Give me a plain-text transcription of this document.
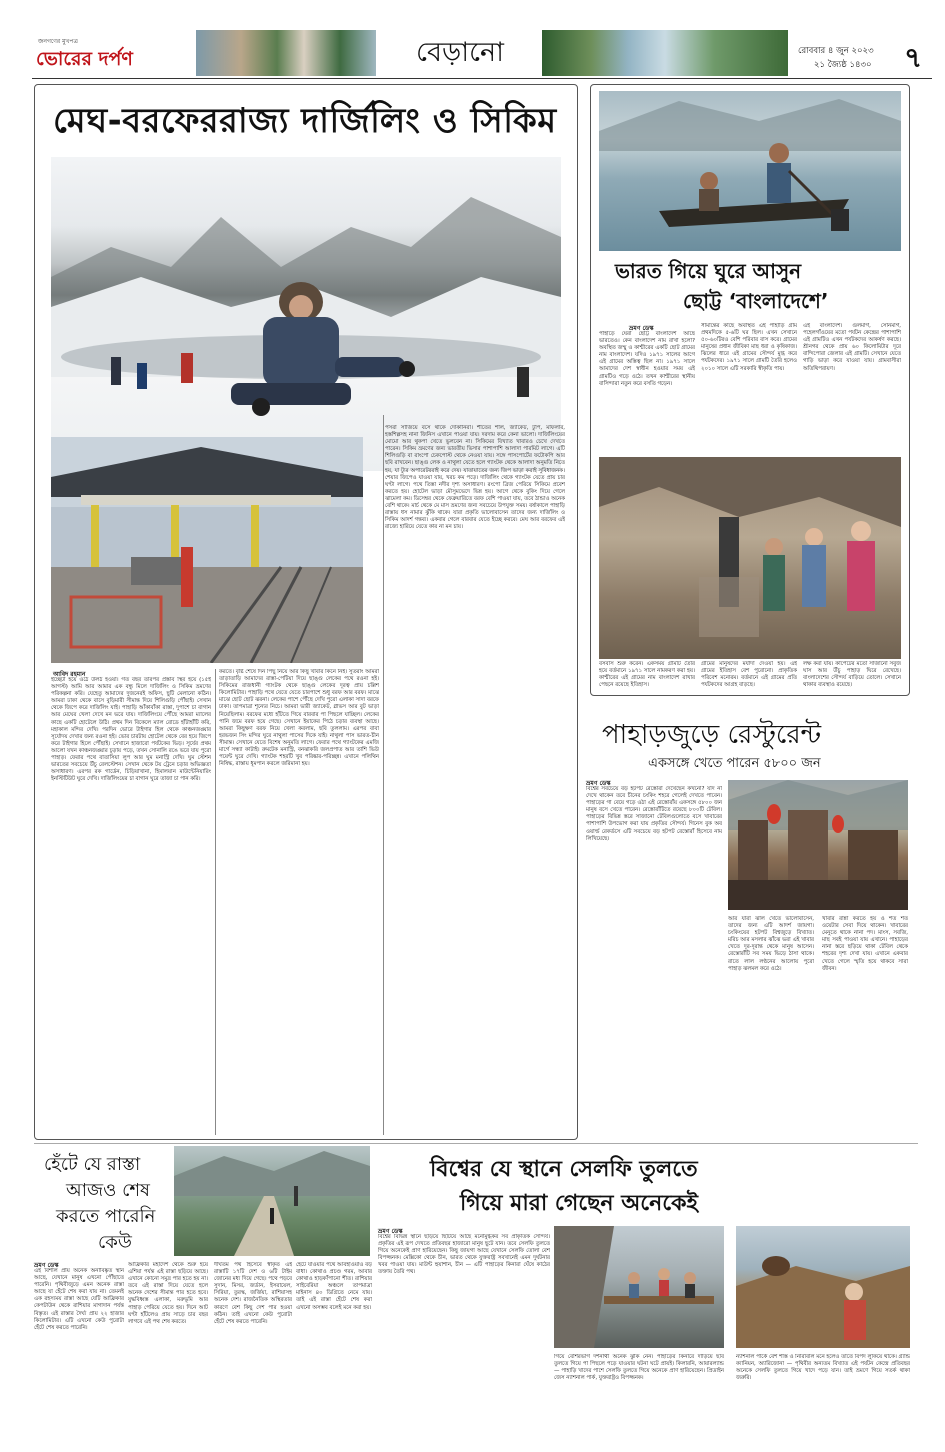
জনগণের মুখপত্র
ভোরের দর্পণ	বেড়ানো	রোববার ৪ জুন ২০২৩
২১ জ্যৈষ্ঠ ১৪৩০ ৭
মেঘ-বরফেররাজ্য দার্জিলিং ও সিকিম
আবিদ রহমান
ইচ্ছেটা হয়ে ওঠে উলঠ হওয়া। গত বছর তারপর প্রস্তাব স্থির হয়ে (১৫ই আগস্ট) আমি আর আমার এক বন্ধু মিলে দার্জিলিং ও সিকিম ভ্রমণের পরিকল্পনা করি। যেহেতু আমাদের দুজনেরই অফিস, ছুটি মেলানো কঠিন। আমরা ঢাকা থেকে বাসে বুড়িমারী সীমান্ত দিয়ে শিলিগুড়ি পৌঁছাই। সেখান থেকে জিপে করে দার্জিলিং যাই। পাহাড়ি আঁকাবাঁকা রাস্তা, দুপাশে চা বাগান আর মেঘের খেলা দেখে মন ভরে যায়। দার্জিলিংয়ে পৌঁছে আমরা ম্যালের কাছে একটি হোটেলে উঠি। প্রথম দিন বিকেলে ম্যাল রোডে হাঁটাহাঁটি করি, মহাকাল মন্দির দেখি। পরদিন ভোরে টাইগার হিল থেকে কাঞ্চনজঙ্ঘার সূর্যোদয় দেখার জন্য রওনা হই। ভোর চারটায় হোটেল থেকে বের হয়ে জিপে করে টাইগার হিলে পৌঁছাই। সেখানে হাজারো পর্যটকের ভিড়। সূর্যের প্রথম আলো যখন কাঞ্চনজঙ্ঘার চূড়ায় পড়ে, তখন সোনালি রঙে ভরে যায় পুরো পাহাড়। ফেরার পথে বাতাসিয়া লুপ আর ঘুম মনাস্ট্রি দেখি। ঘুম স্টেশন ভারতের সবচেয়ে উঁচু রেলস্টেশন। সেখান থেকে টয় ট্রেনে চড়ার অভিজ্ঞতা অসাধারণ। এরপর রক গার্ডেন, চিড়িয়াখানা, হিমালয়ান মাউন্টেনিয়ারিং ইনস্টিটিউট ঘুরে দেখি। দার্জিলিংয়ের চা বাগান ঘুরে তাজা চা পান করি।
করতে। বৃষ্টি শেষে দিন পিছু নিয়ে আর কিছু খাবার কিনে নিই। সুতরাং আমরা তাড়াতাড়ি আমাদের রাস্তা-পেটিয়া দিয়ে ছাঙ্গু লেকের পথে রওনা হই। সিকিমের রাজধানী গ্যাংটক থেকে ছাঙ্গু লেকের দূরত্ব প্রায় চল্লিশ কিলোমিটার। পাহাড়ি পথে যেতে যেতে চারপাশে শুধু বরফ আর বরফ। মাঝে মাঝে ছোট ছোট ঝরনা। লেকের পাশে পৌঁছে দেখি পুরো এলাকা সাদা বরফে ঢাকা। তাপমাত্রা শূন্যের নিচে। আমরা ভারী জ্যাকেট, গ্লাভস আর বুট ভাড়া নিয়েছিলাম। বরফের মধ্যে হাঁটতে গিয়ে বারবার পা পিছলে যাচ্ছিল। লেকের পানি জমে বরফ হয়ে গেছে। সেখানে ইয়াকের পিঠে চড়ার ব্যবস্থা আছে। আমরা কিছুক্ষণ বরফ নিয়ে খেলা করলাম, ছবি তুললাম। এরপর বাবা হরভজন সিং মন্দির ঘুরে নাথুলা পাসের দিকে যাই। নাথুলা পাস ভারত-চীন সীমান্ত। সেখানে যেতে বিশেষ অনুমতি লাগে। ফেরার পথে গ্যাংটকের এমজি মার্গে সন্ধ্যা কাটাই। রুমটেক মনাস্ট্রি, বনঝাকরি জলপ্রপাত আর তাশি ভিউ পয়েন্ট ঘুরে দেখি। গ্যাংটক শহরটি খুব পরিষ্কার-পরিচ্ছন্ন। এখানে পলিথিন নিষিদ্ধ, রাস্তায় ধূমপান করলে জরিমানা হয়।
পসরা সাজিয়ে বসে থাকে দোকানিরা। শীতের শাল, জ্যাকেট, টুপি, মাফলার, হস্তশিল্পসহ নানা জিনিস এখানে পাওয়া যায়। দরদাম করে কেনা ভালো। দার্জিলিংয়ের মোমো আর থুকপা খেতে ভুলবেন না। সিকিমের বিখ্যাত খাবারও চেখে দেখতে পারেন। সিকিম ভ্রমণের জন্য ভারতীয় ভিসার পাশাপাশি আলাদা পারমিট লাগে। এটি শিলিগুড়ি বা রাংপো চেকপোস্ট থেকে নেওয়া যায়। সঙ্গে পাসপোর্টের ফটোকপি আর ছবি রাখবেন। ছাঙ্গু লেক ও নাথুলা যেতে হলে গ্যাংটক থেকে আলাদা অনুমতি নিতে হয়, যা ট্যুর অপারেটররাই করে দেয়। যাতায়াতের জন্য জিপ ভাড়া করাই সুবিধাজনক। শেয়ার জিপেও যাওয়া যায়, খরচ কম পড়ে। দার্জিলিং থেকে গ্যাংটক যেতে প্রায় চার ঘণ্টা লাগে। পথে তিস্তা নদীর দৃশ্য অসাধারণ। রংপো ব্রিজ পেরিয়ে সিকিমে প্রবেশ করতে হয়। হোটেল ভাড়া মৌসুমভেদে ভিন্ন হয়। আগে থেকে বুকিং দিয়ে গেলে ঝামেলা কম। ডিসেম্বর থেকে ফেব্রুয়ারিতে বরফ বেশি পাওয়া যায়, তবে ঠান্ডাও অনেক বেশি থাকে। মার্চ থেকে মে মাস ভ্রমণের জন্য সবচেয়ে উপযুক্ত সময়। বর্ষাকালে পাহাড়ি রাস্তায় ধস নামার ঝুঁকি থাকে। যারা প্রকৃতি ভালোবাসেন তাদের জন্য দার্জিলিং ও সিকিম আদর্শ গন্তব্য। একবার গেলে বারবার যেতে ইচ্ছে করবে। মেঘ আর বরফের এই রাজ্যে হারিয়ে যেতে কার না মন চায়।
ভারত গিয়ে ঘুরে আসুন
ছোট্ট ‘বাংলাদেশে’
ভ্রমণ ডেস্ক
পাহাড়ে ঘেরা ছোট্ট বাংলাদেশ আছে ভারতেও। কেন বাংলাদেশ নাম রাখা হলো? অবস্থিত জম্মু ও কাশ্মীরের একটি ছোট গ্রামের নাম বাংলাদেশ। যদিও ১৯৭১ সালের আগে এই গ্রামের অস্তিত্ব ছিল না। ১৯৭১ সালে আমাদের দেশ স্বাধীন হওয়ার সময় এই গ্রামটিও গড়ে ওঠে। তখন কাশ্মীরের স্থানীয় বাসিন্দারা নতুন করে বসতি গড়েন।
সীমান্তের কাছে অবস্থিত এই পাহাড়ি গ্রাম প্রথমদিকে ৫-৬টি ঘর ছিল। এখন সেখানে ৫০-৬০টিরও বেশি পরিবার বাস করে। গ্রামের মানুষের প্রধান জীবিকা মাছ ধরা ও কৃষিকাজ। ঝিলের ধারে এই গ্রামের সৌন্দর্য মুগ্ধ করে পর্যটকদের। ১৯৭১ সালে গ্রামটি তৈরি হলেও ২০১০ সালে এটি সরকারি স্বীকৃতি পায়।
এই বাংলাদেশ। গুলমার্গ, সোনমার্গ, পহেলগাঁওয়ের মতো পর্যটন কেন্দ্রের পাশাপাশি এই গ্রামটিও এখন পর্যটকদের আকর্ষণ করছে। শ্রীনগর থেকে প্রায় ৬০ কিলোমিটার দূরে বান্দিপোরা জেলার এই গ্রামটি। সেখানে যেতে গাড়ি ভাড়া করে যাওয়া যায়। গ্রামবাসীরা অতিথিপরায়ণ।
বসবাস শুরু করেন। একসময় গ্রামটি তৈরি হয়ে বর্তমানে ১৯৭১ সালে নামকরণ করা হয়। কাশ্মীরের এই গ্রামের নাম বাংলাদেশ রাখার পেছনে রয়েছে ইতিহাস।
গ্রামের মানুষদের মর্যাদা দেওয়া হয়। এই গ্রামের ইতিহাস বেশ পুরোনো। প্রাকৃতিক পরিবেশ মনোরম। বর্তমানে এই গ্রামের প্রতি পর্যটকদের আগ্রহ বাড়ছে।
লক্ষ করা যায়। কার্পেটের মতো সাজানো সবুজ ঘাস আর উঁচু পাহাড় ঘিরে রেখেছে। বাংলাদেশের সৌন্দর্য বাড়িয়ে তোলে। সেখানে থাকার ব্যবস্থাও রয়েছে।
পাহাড়জুড়ে রেস্টুরেন্ট
একসঙ্গে খেতে পারেন ৫৮০০ জন
ভ্রমণ ডেস্ক
বিশ্বের সবচেয়ে বড় হটপট রেস্তোরাঁ দেখেছেন কখনো? যদি না দেখে থাকেন তবে চীনের চংকিং শহরে গেলেই দেখতে পাবেন। পাহাড়ের গা বেয়ে গড়ে ওঠা এই রেস্তোরাঁয় একসঙ্গে ৫৮০০ জন মানুষ বসে খেতে পারেন। রেস্তোরাঁটিতে রয়েছে ৮০০টি টেবিল। পাহাড়ের বিভিন্ন স্তরে সাজানো টেবিলগুলোতে বসে খাবারের পাশাপাশি উপভোগ করা যায় প্রকৃতির সৌন্দর্য। গিনেস বুক অব ওয়ার্ল্ড রেকর্ডসে এটি সবচেয়ে বড় হটপট রেস্তোরাঁ হিসেবে নাম লিখিয়েছে।
আর যারা ঝাল খেতে ভালোবাসেন, তাদের জন্য এটি আদর্শ জায়গা। চংকিংয়ের হটপট বিশ্বজুড়ে বিখ্যাত। মরিচ আর মসলার ঝাঁঝে ভরা এই খাবার খেতে দূর-দূরান্ত থেকে মানুষ আসেন। রেস্তোরাঁটি সব সময় ভিড়ে ঠাসা থাকে। রাতে লাল লণ্ঠনের আলোয় পুরো পাহাড় ঝলমল করে ওঠে।
খাবার রান্না করতে হয় ও শত শত ওয়েটার সেবা দিয়ে থাকেন। খাবারের মেনুতে থাকে নানা পদ। মাংস, সবজি, মাছ সবই পাওয়া যায় এখানে। পাহাড়ের নানা স্তরে ছড়িয়ে থাকা টেবিল থেকে শহরের দৃশ্য দেখা যায়। এখানে একবার খেতে গেলে স্মৃতি হয়ে থাকবে সারা জীবন।
হেঁটে যে রাস্তা
আজও শেষ
করতে পারেনি
কেউ
ভ্রমণ ডেস্ক
এই বিশাল প্রায় অনেক অনাবিষ্কৃত স্থান আছে, যেখানে মানুষ এখনো পৌঁছাতে পারেনি। পৃথিবীজুড়ে এমন অনেক রাস্তা আছে যা হেঁটে শেষ করা যায় না। তেমনই এক রহস্যময় রাস্তা আছে যেটি আফ্রিকার কেপটাউন থেকে রাশিয়ার মাগাদান পর্যন্ত বিস্তৃত। এই রাস্তার দৈর্ঘ্য প্রায় ২২ হাজার কিলোমিটার। এটি এখনো কেউ পুরোটা হেঁটে শেষ করতে পারেনি।
আফ্রিকার মহাদেশ থেকে শুরু হয়ে এশিয়া পর্যন্ত এই রাস্তা ছড়িয়ে আছে। এখানে কোনো সমুদ্র পার হতে হয় না। তবে এই রাস্তা দিয়ে যেতে হলে অনেক দেশের সীমান্ত পার হতে হবে। যুদ্ধবিধ্বস্ত এলাকা, মরুভূমি আর পাহাড় পেরিয়ে যেতে হয়। দিনে আট ঘণ্টা হাঁটলেও প্রায় সাড়ে চার বছর লাগবে এই পথ শেষ করতে।
দীর্ঘতম পথ হিসেবে স্বীকৃত এই রাস্তাটি ১৭টি দেশ ও ৬টি টাইম জোনের মধ্য দিয়ে গেছে। পথে পড়বে সুদান, মিসর, জর্ডান, ইসরায়েল, সিরিয়া, তুরস্ক, জর্জিয়া, রাশিয়াসহ অনেক দেশ। রাজনৈতিক অস্থিরতার কারণে বেশ কিছু দেশ পার হওয়া কঠিন। তাই এখনো কেউ পুরোটা হেঁটে শেষ করতে পারেনি।
হেঁটে যাওয়ার পথে আবহাওয়াও বড় বাধা। কোথাও প্রচণ্ড গরম, আবার কোথাও হাড়কাঁপানো শীত। রাশিয়ার সাইবেরিয়া অঞ্চলে তাপমাত্রা মাইনাস ৪০ ডিগ্রিতে নেমে যায়। তাই এই রাস্তা হেঁটে শেষ করা এখনো অসম্ভব বলেই মনে করা হয়।
বিশ্বের যে স্থানে সেলফি তুলতে
গিয়ে মারা গেছেন অনেকেই
ভ্রমণ ডেস্ক
বিশ্বের বিভিন্ন স্থানে ছড়িয়ে ছিটিয়ে আছে মনোমুগ্ধকর সব প্রাকৃতিক সৌন্দর্য। প্রকৃতির এই রূপ দেখতে প্রতিবছর হাজারো মানুষ ছুটে যান। তবে সেলফি তুলতে গিয়ে অনেকেই প্রাণ হারিয়েছেন। কিছু জায়গা আছে যেখানে সেলফি তোলা বেশ বিপজ্জনক। মেক্সিকো থেকে চীন, ভারত থেকে যুক্তরাষ্ট্র সবখানেই এমন দুর্ঘটনার খবর পাওয়া যায়। মাউন্ট হুয়াশান, চীন — এটি পাহাড়ের কিনারা ঘেঁষে কাঠের তক্তায় তৈরি পথ।
গিয়ে বেশিরভাগ দর্শনার্থী অনেক ঝুঁকি নেন। পাহাড়ের কিনারে দাঁড়িয়ে ছবি তুলতে গিয়ে পা পিছলে পড়ে যাওয়ার ঘটনা ঘটে প্রায়ই। কিলারনি, আয়ারল্যান্ড — পাহাড়ি খাদের পাশে সেলফি তুলতে গিয়ে অনেকে প্রাণ হারিয়েছেন। প্রিডাইন জেস ন্যাশনাল পার্ক, যুক্তরাষ্ট্রও বিপজ্জনক।
ন্যাশনাল পার্কে বেশ শাস্ত ও নিরিবিলি মনে হলেও তাতে বিপদ লুকিয়ে থাকে। গ্র্যান্ড ক্যানিয়ন, অ্যারিজোনা — পৃথিবীর অন্যতম বিখ্যাত এই পর্যটন কেন্দ্রে প্রতিবছর অনেকে সেলফি তুলতে গিয়ে খাদে পড়ে যান। তাই ভ্রমণে গিয়ে সতর্ক থাকা জরুরি।
